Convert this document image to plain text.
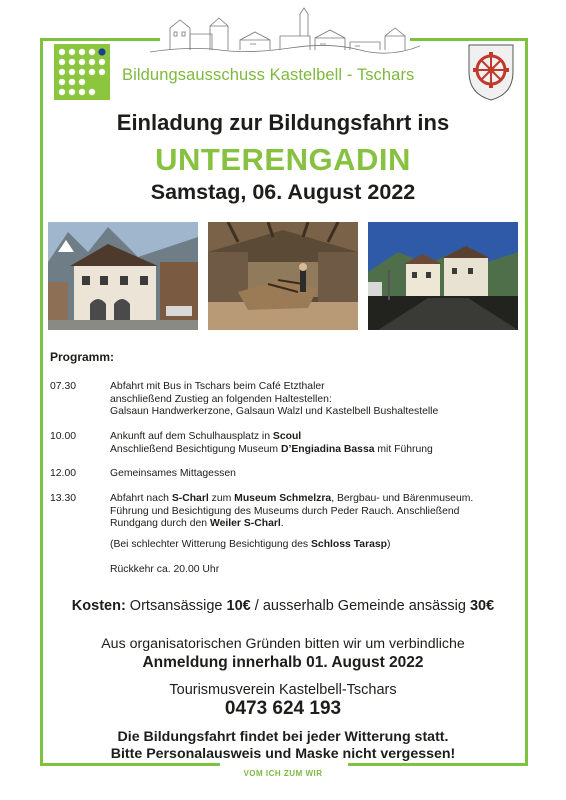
Bildungsausschuss Kastelbell - Tschars
Einladung zur Bildungsfahrt ins
UNTERENGADIN
Samstag, 06. August 2022
Programm:
07.30	Abfahrt mit Bus in Tschars beim Café Etzthaler

anschließend Zustieg an folgenden Haltestellen:

Galsaun Handwerkerzone, Galsaun Walzl und Kastelbell Bushaltestelle

10.00	Ankunft auf dem Schulhausplatz in Scoul

Anschließend Besichtigung Museum D’Engiadina Bassa mit Führung

12.00	Gemeinsames Mittagessen

13.30	Abfahrt nach S-Charl zum Museum Schmelzra, Bergbau- und Bärenmuseum.

Führung und Besichtigung des Museums durch Peder Rauch. Anschließend

Rundgang durch den Weiler S-Charl.

(Bei schlechter Witterung Besichtigung des Schloss Tarasp)
Rückkehr ca. 20.00 Uhr
Kosten: Ortsansässige 10€ / ausserhalb Gemeinde ansässig 30€
Aus organisatorischen Gründen bitten wir um verbindliche
Anmeldung innerhalb 01. August 2022
Tourismusverein Kastelbell-Tschars
0473 624 193
Die Bildungsfahrt findet bei jeder Witterung statt.
Bitte Personalausweis und Maske nicht vergessen!
VOM ICH ZUM WIR
